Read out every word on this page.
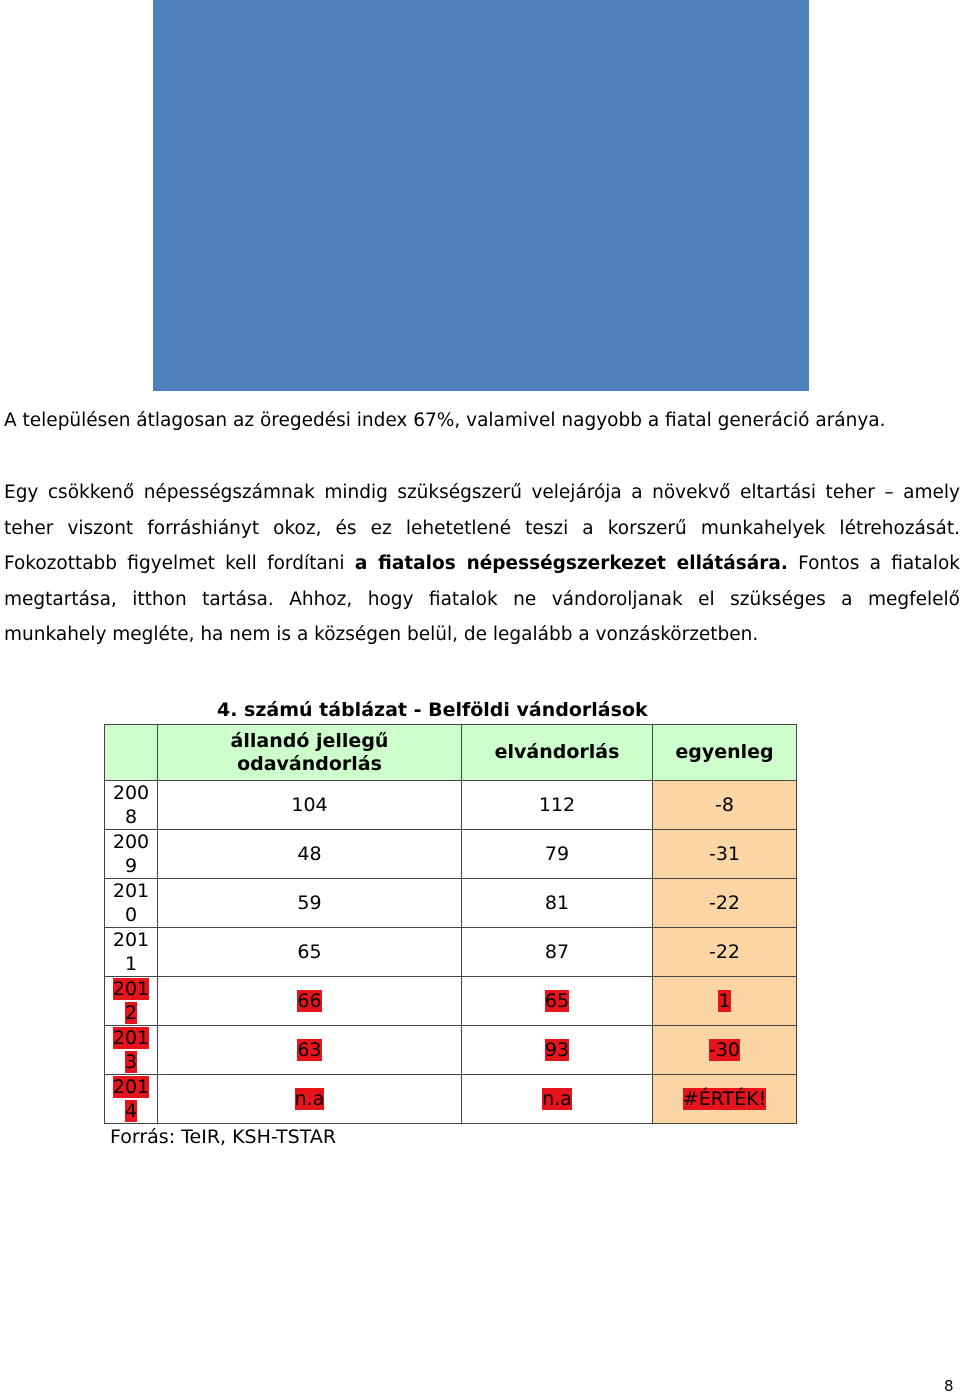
A településen átlagosan az öregedési index 67%, valamivel nagyobb a fiatal generáció aránya.

Egy csökkenő népességszámnak mindig szükségszerű velejárója a növekvő eltartási teher – amely teher viszont forráshiányt okoz, és ez lehetetlené teszi a korszerű munkahelyek létrehozását. Fokozottabb figyelmet kell fordítani a fiatalos népességszerkezet ellátására. Fontos a fiatalok megtartása, itthon tartása. Ahhoz, hogy fiatalok ne vándoroljanak el szükséges a megfelelő munkahely megléte, ha nem is a községen belül, de legalább a vonzáskörzetben.

4. számú táblázat - Belföldi vándorlások
	állandó jellegű odavándorlás	elvándorlás	egyenleg
200
8	104	112	-8
200
9	48	79	-31
201
0	59	81	-22
201
1	65	87	-22
201
2	66	65	1
201
3	63	93	-30
201
4	n.a	n.a	#ÉRTÉK!
Forrás: TeIR, KSH-TSTAR
8
